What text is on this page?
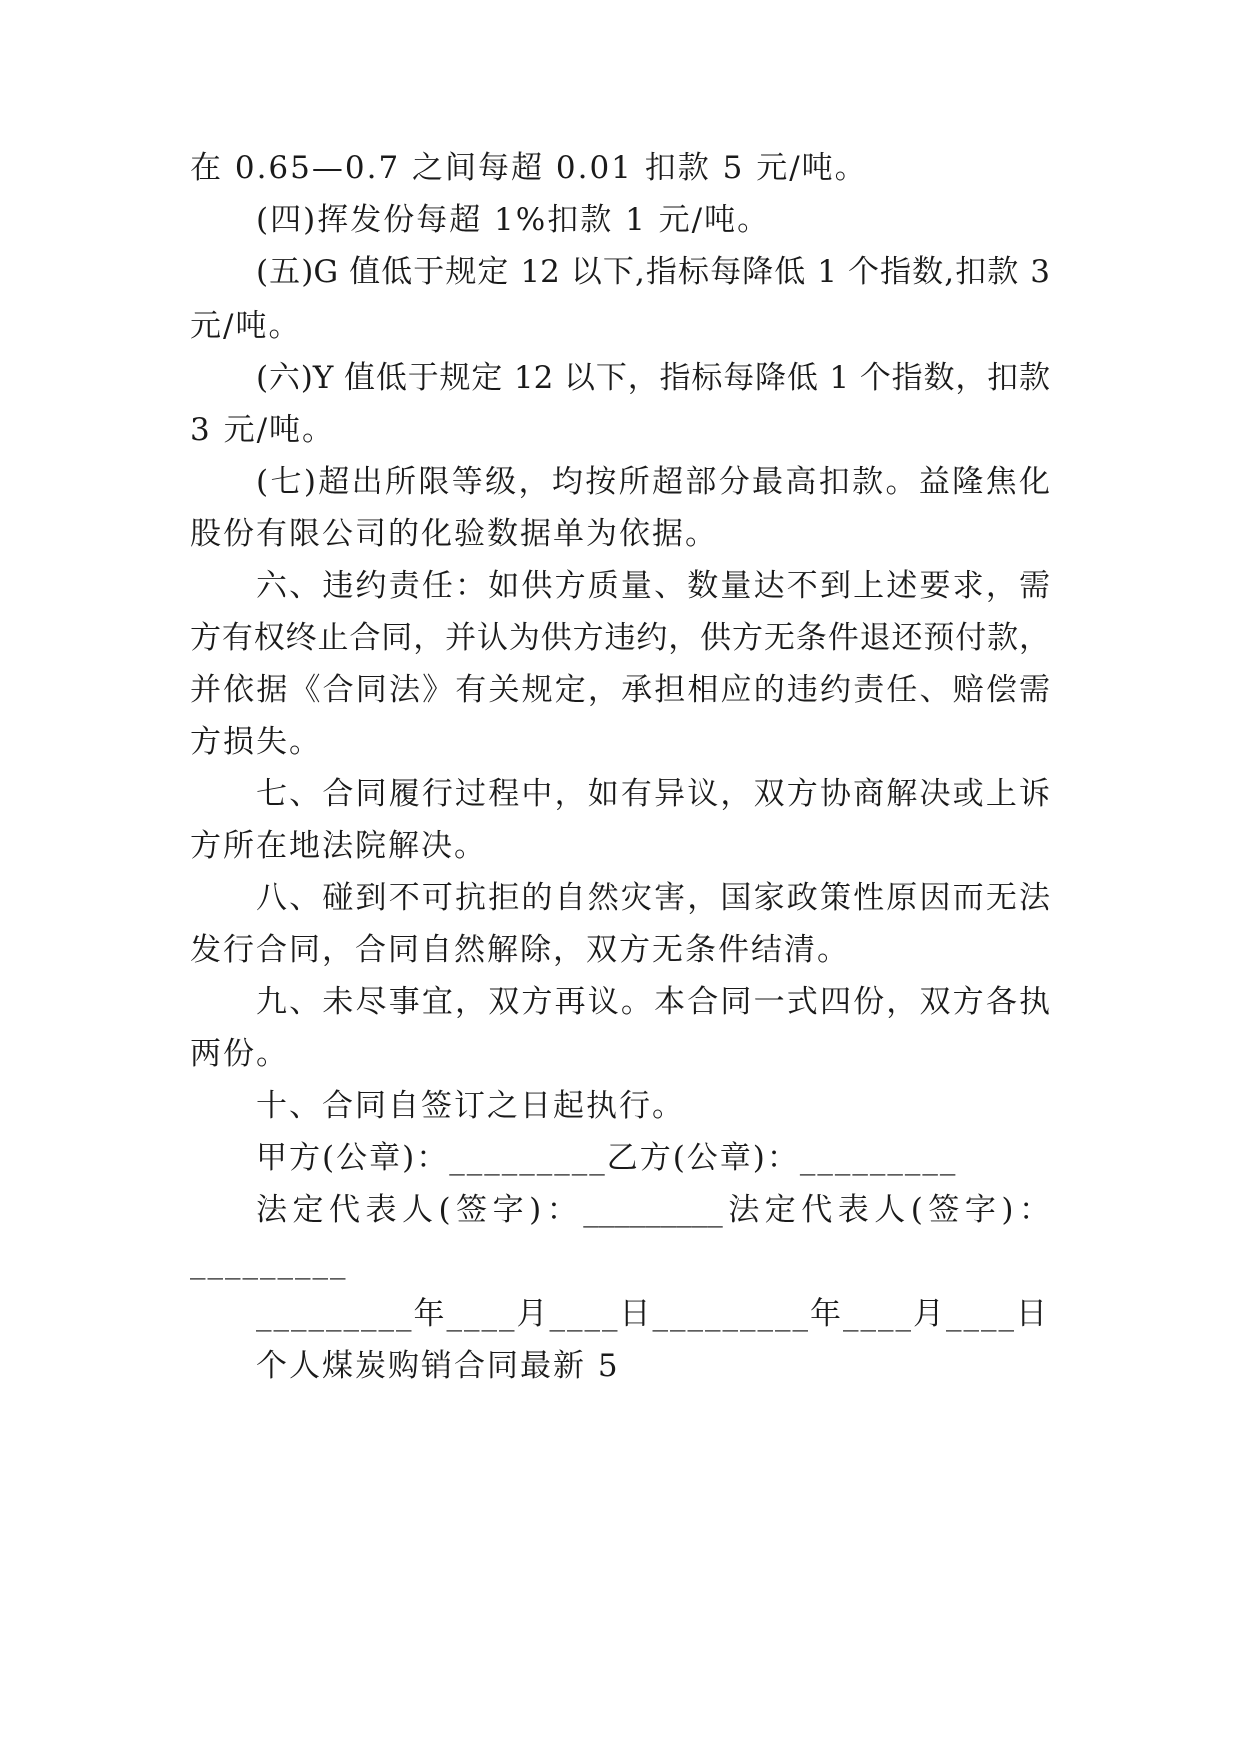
在 0.65—0.7 之间每超 0.01 扣款 5 元/吨。
(四)挥发份每超 1%扣款 1 元/吨。
(五)G 值低于规定 12 以下,指标每降低 1 个指数,扣款 3
元/吨。
(六)Y 值低于规定 12 以下，指标每降低 1 个指数，扣款
3 元/吨。
(七)超出所限等级，均按所超部分最高扣款。益隆焦化
股份有限公司的化验数据单为依据。
六、违约责任：如供方质量、数量达不到上述要求，需
方有权终止合同，并认为供方违约，供方无条件退还预付款，
并依据《合同法》有关规定，承担相应的违约责任、赔偿需
方损失。
七、合同履行过程中，如有异议，双方协商解决或上诉
方所在地法院解决。
八、碰到不可抗拒的自然灾害，国家政策性原因而无法
发行合同，合同自然解除，双方无条件结清。
九、未尽事宜，双方再议。本合同一式四份，双方各执
两份。
十、合同自签订之日起执行。
甲方(公章)：_________乙方(公章)：_________
法定代表人(签字)：_________法定代表人(签字)：
_________
_________年____月____日_________年____月____日
个人煤炭购销合同最新 5
